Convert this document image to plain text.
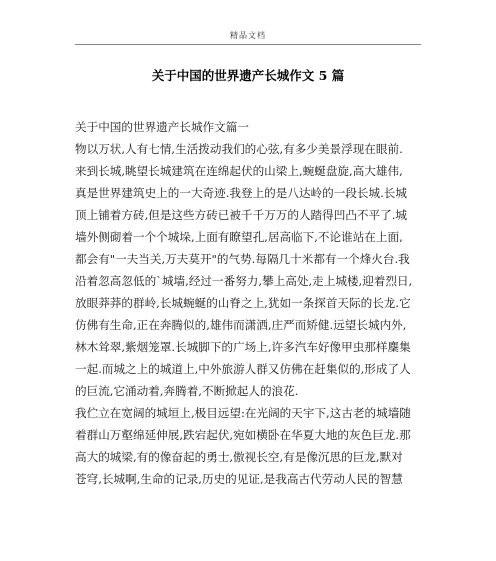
精品文档
关于中国的世界遗产长城作文 5 篇
关于中国的世界遗产长城作文篇一
物以万状,人有七情,生活拨动我们的心弦,有多少美景浮现在眼前.
来到长城,眺望长城建筑在连绵起伏的山梁上,蜿蜒盘旋,高大雄伟,
真是世界建筑史上的一大奇迹.我登上的是八达岭的一段长城.长城
顶上铺着方砖,但是这些方砖已被千千万万的人踏得凹凸不平了.城
墙外侧砌着一个个城垛,上面有瞭望孔,居高临下,不论谁站在上面,
都会有"一夫当关,万夫莫开"的气势.每隔几十米都有一个烽火台.我
沿着忽高忽低的`城墙,经过一番努力,攀上高处,走上城楼,迎着烈日,
放眼莽莽的群岭,长城蜿蜒的山脊之上,犹如一条探首天际的长龙.它
仿佛有生命,正在奔腾似的,雄伟而潇洒,庄严而矫健.远望长城内外,
林木耸翠,紫烟笼罩.长城脚下的广场上,许多汽车好像甲虫那样麇集
一起.而城之上的城道上,中外旅游人群又仿佛在赶集似的,形成了人
的巨流,它涌动着,奔腾着,不断掀起人的浪花.
我伫立在宽阔的城垣上,极目远望:在光阔的天宇下,这古老的城墙随
着群山万壑绵延伸展,跌宕起伏,宛如横卧在华夏大地的灰色巨龙.那
高大的城梁,有的像奋起的勇士,傲视长空,有是像沉思的巨龙,默对
苍穹,长城啊,生命的记录,历史的见证,是我高古代劳动人民的智慧
